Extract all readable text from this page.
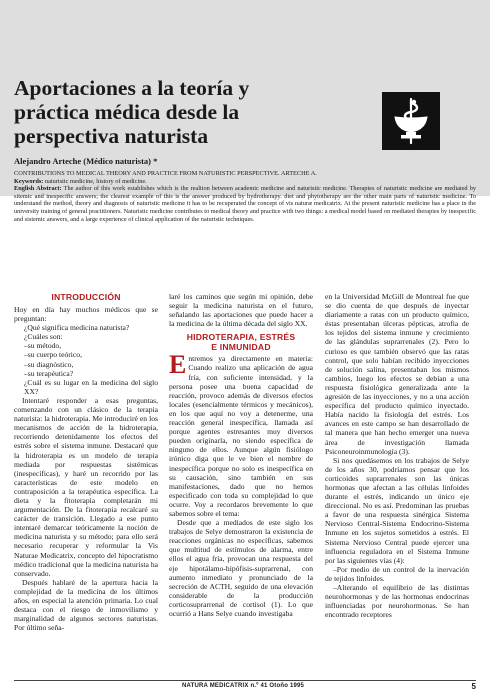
Aportaciones a la teoría y
práctica médica desde la
perspectiva naturista
Alejandro Arteche (Médico naturista) *

CONTRIBUTIONS TO MEDICAL THEORY AND PRACTICE FROM NATURISTIC PERSPECTIVE. ARTECHE A.

Keywords: naturistic medicine, history of medicine.

English Abstract: The author of this work establishes which is the realtion between academic medicine and naturistic medicine. Therapies of naturistic medicine are mediated by sitemic and inespecific answers; the clearest example of this is the answer produced by hydrotherapy. diet and phytotherapy are the other main parts of naturistic medicine. To understand the method, theory and diagnosis of naturistic medicine it has to be recuperated the concept of vis naturæ medicatrix. At the present naturistic medicine has a place in the university training of general practitioners. Naturistic medicine contributes to medical theory and practice with two things: a medical model based on mediated therapies by inespecific and sistemic answers, and a large experience of clinical application of the naturistic techniques.

INTRODUCCIÓN

Hoy en día hay muchos médicos que se preguntan:

¿Qué significa medicina naturista?

¿Cuáles son:

–su método,

–su cuerpo teórico,

–su diagnóstico,

–su terapéutica?

¿Cuál es su lugar en la medicina del siglo XX?

Intentaré responder a esas preguntas, comenzando con un clásico de la terapia naturista: la hidroterapia. Me introduciré en los mecanismos de acción de la hidroterapia, recorriendo detenidamente los efectos del estrés sobre el sistema inmune. Destacaré que la hidroterapia es un modelo de terapia mediada por respuestas sistémicas (inespecíficas), y haré un recorrido por las características de este modelo en contraposición a la terapéutica específica. La dieta y la fitoterapia completarán mi argumentación. De la fitoterapia recalcaré su carácter de transición. Llegado a ese punto intentaré demarcar teóricamente la noción de medicina naturista y su método; para ello será necesario recuperar y reformular la Vis Naturae Medicatrix, concepto del hipocratismo médico tradicional que la medicina naturista ha conservado.

Después hablaré de la apertura hacia la complejidad de la medicina de los últimos años, en especial la atención primaria. Lo cual destaca con el riesgo de inmovilismo y marginalidad de algunos sectores naturistas. Por último seña-

laré los caminos que según mi opinión, debe seguir la medicina naturista en el futuro, señalando las aportaciones que puede hacer a la medicina de la última década del siglo XX.

HIDROTERAPIA, ESTRÉS
E INMUNIDAD

Entremos ya directamente en materia: Cuando realizo una aplicación de agua fría, con suficiente intensidad, y la persona posee una buena capacidad de reacción, provoco además de diversos efectos locales (esencialmente térmicos y mecánicos), en los que aquí no voy a detenerme, una reacción general inespecífica, llamada así porque agentes estresantes muy diversos pueden originarla, no siendo específica de ninguno de ellos. Aunque algún fisiólogo irónico diga que le ve bien el nombre de inespecífica porque no solo es inespecífica en su causación, sino también en sus manifestaciones, dado que no hemos especificado con toda su complejidad lo que ocurre. Voy a recordaros brevemente lo que sabemos sobre el tema:

Desde que a mediados de este siglo los trabajos de Selye demostraron la existencia de reacciones orgánicas no específicas, sabemos que multitud de estímulos de alarma, entre ellos el agua fría, provocan una respuesta del eje hipotálamo-hipófisis-suprarrenal, con aumento inmediato y pronunciado de la secreción de ACTH, seguido de una elevación considerable de la producción corticosuprarrenal de cortisol (1). Lo que ocurrió a Hans Selye cuando investigaba

en la Universidad McGill de Montreal fue que se dio cuenta de que después de inyectar diariamente a ratas con un producto químico, éstas presentaban úlceras pépticas, atrofia de los tejidos del sistema inmune y crecimiento de las glándulas suprarrenales (2). Pero lo curioso es que también observó que las ratas control, que solo habían recibido inyecciones de solución salina, presentaban los mismos cambios, luego los efectos se debían a una respuesta fisiológica generalizada ante la agresión de las inyecciones, y no a una acción específica del producto químico inyectado. Había nacido la fisiología del estrés. Los avances en este campo se han desarrollado de tal manera que han hecho emerger una nueva área de investigación llamada Psiconeuroinmunología (3).

Si nos quedásemos en los trabajos de Selye de los años 30, podríamos pensar que los corticoides suprarrenales son las únicas hormonas que afectan a las células linfoides durante el estrés, indicando un único eje direccional. No es así. Predominan las pruebas a favor de una respuesta sinérgica Sistema Nervioso Central-Sistema Endocrino-Sistema Inmune en los sujetos sometidos a estrés. El Sistema Nervioso Central puede ejercer una influencia reguladora en el Sistema Inmune por las siguientes vías (4):

–Por medio de un control de la inervación de tejidos linfoides.

–Alterando el equilibrio de las distintas neurohormonas y de las hormonas endocrinas influenciadas por neurohormonas. Se han encontrado receptores

NATURA MEDICATRIX n.º 41 Otoño 1995	5
